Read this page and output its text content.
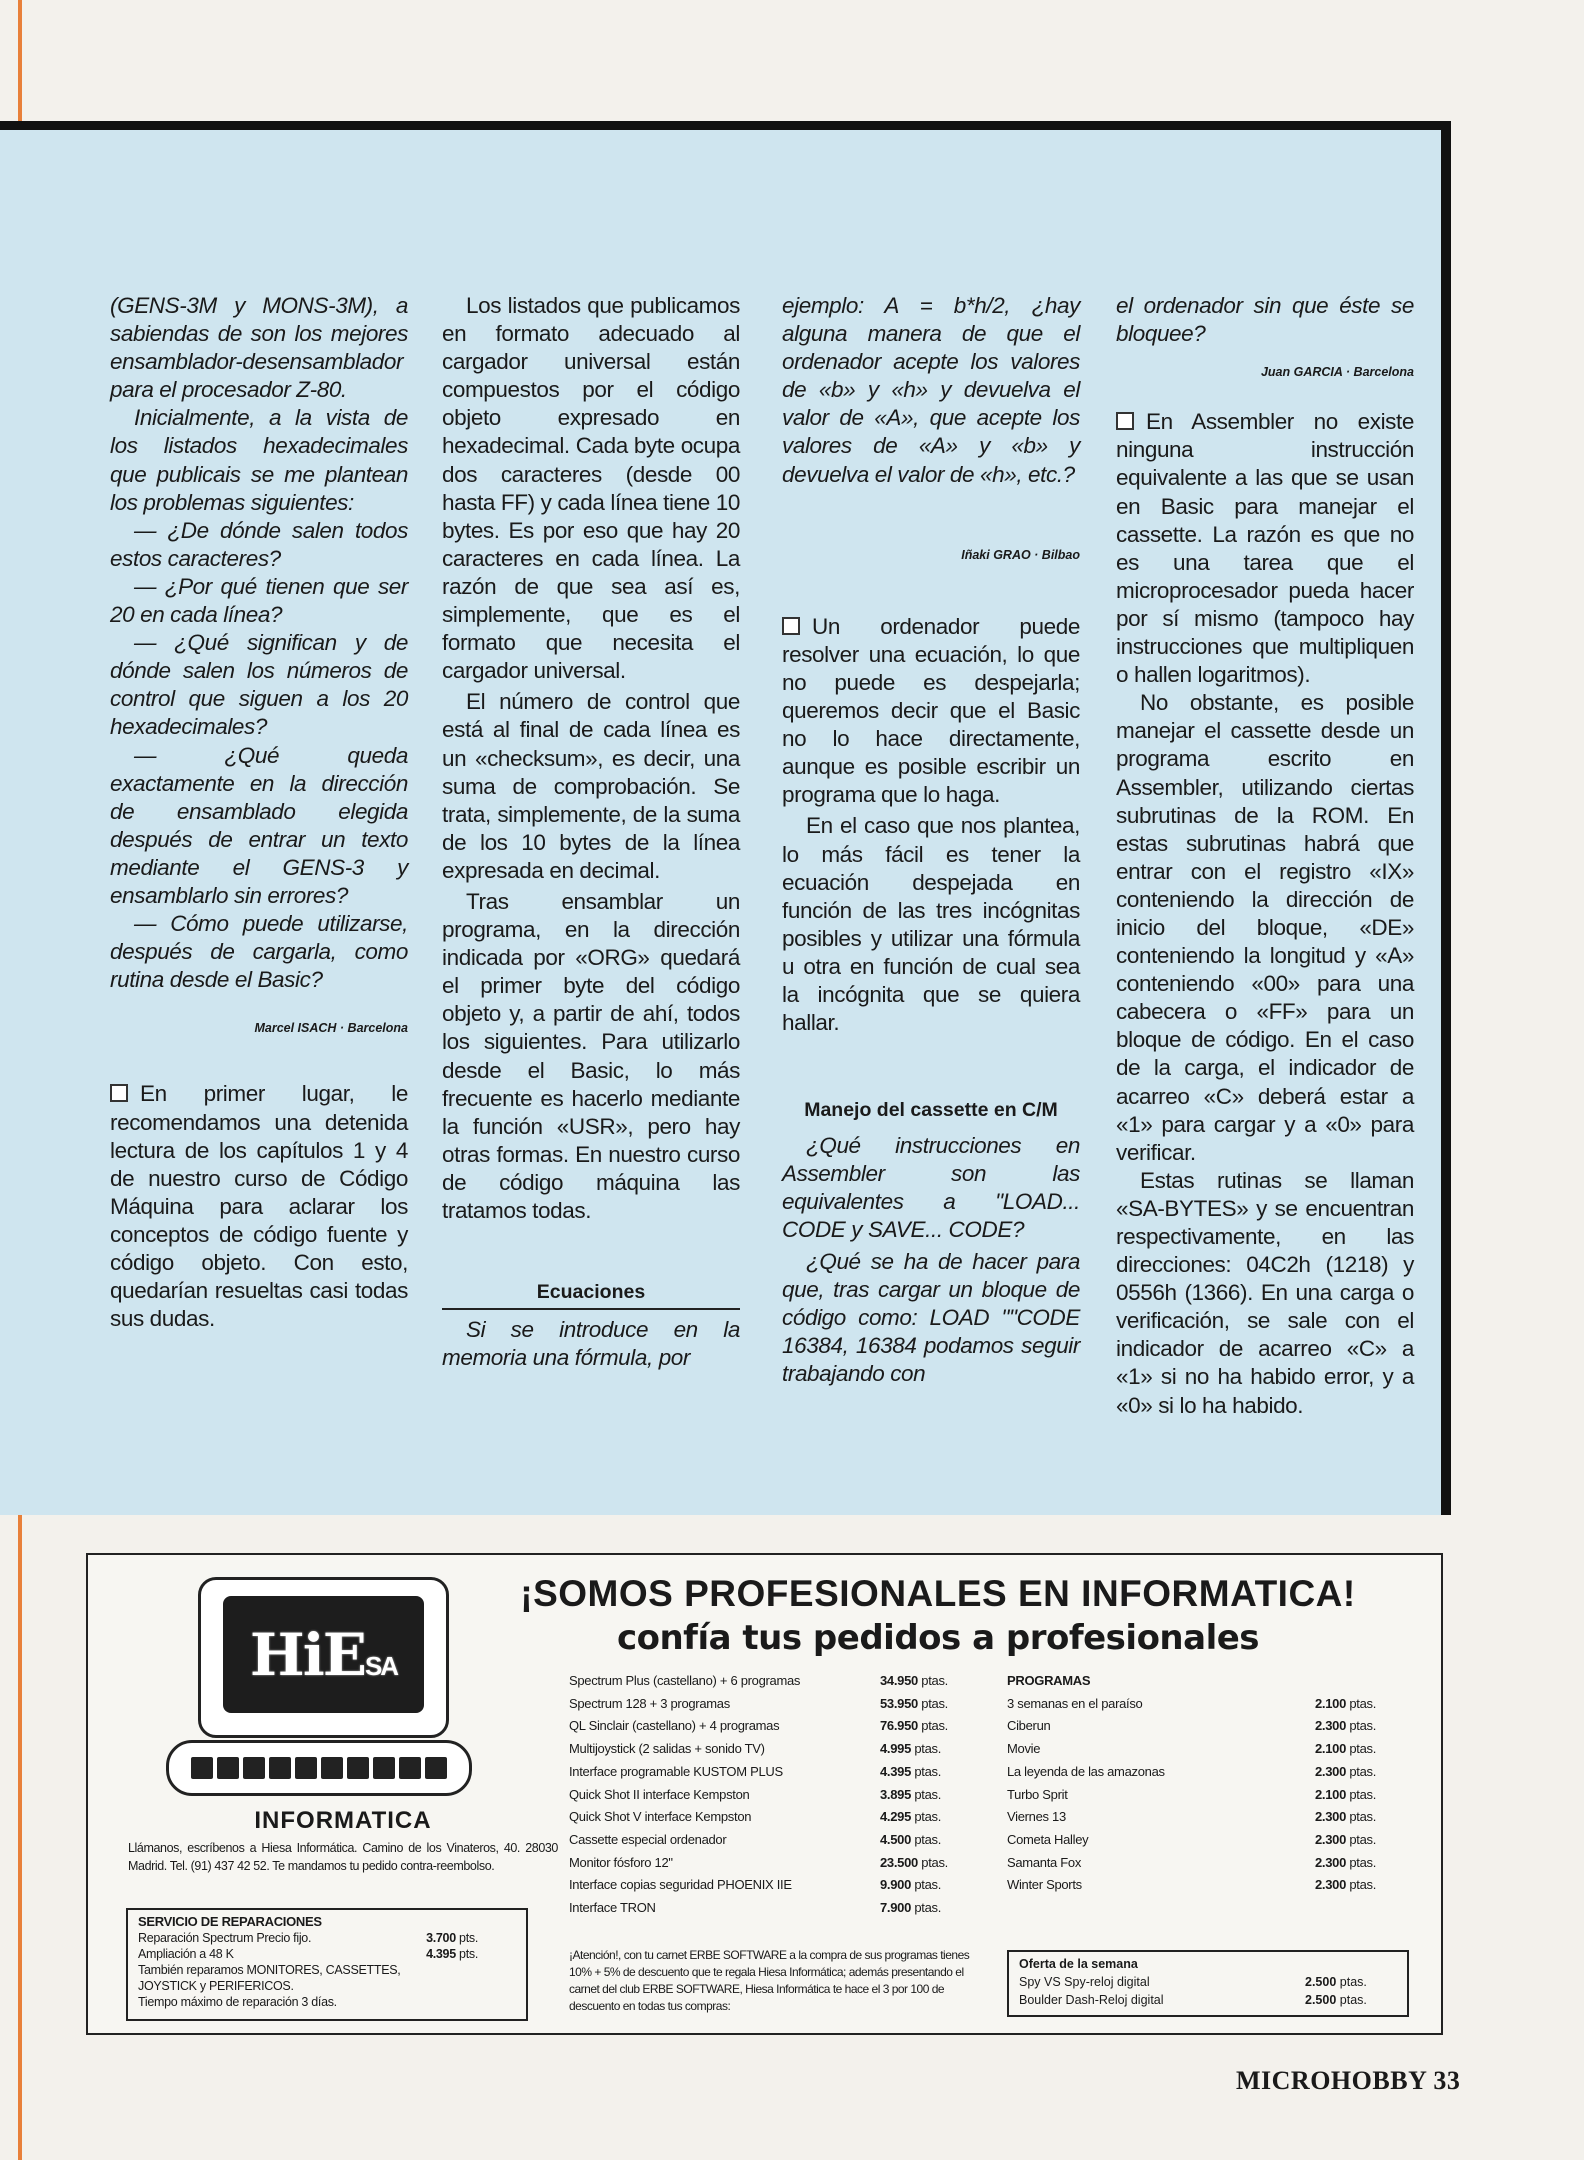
(GENS-3M y MONS-3M), a sabiendas de son los mejores ensamblador-desensamblador para el procesador Z-80.

Inicialmente, a la vista de los listados hexadecimales que publicais se me plantean los problemas siguientes:

— ¿De dónde salen todos estos caracteres?

— ¿Por qué tienen que ser 20 en cada línea?

— ¿Qué significan y de dónde salen los números de control que siguen a los 20 hexadecimales?

— ¿Qué queda exactamente en la dirección de ensamblado elegida después de entrar un texto mediante el GENS-3 y ensamblarlo sin errores?

— Cómo puede utilizarse, después de cargarla, como rutina desde el Basic?

Marcel ISACH · Barcelona

En primer lugar, le recomendamos una detenida lectura de los capítulos 1 y 4 de nuestro curso de Código Máquina para aclarar los conceptos de código fuente y código objeto. Con esto, quedarían resueltas casi todas sus dudas.

Los listados que publicamos en formato adecuado al cargador universal están compuestos por el código objeto expresado en hexadecimal. Cada byte ocupa dos caracteres (desde 00 hasta FF) y cada línea tiene 10 bytes. Es por eso que hay 20 caracteres en cada línea. La razón de que sea así es, simplemente, que es el formato que necesita el cargador universal.

El número de control que está al final de cada línea es un «checksum», es decir, una suma de comprobación. Se trata, simplemente, de la suma de los 10 bytes de la línea expresada en decimal.

Tras ensamblar un programa, en la dirección indicada por «ORG» quedará el primer byte del código objeto y, a partir de ahí, todos los siguientes. Para utilizarlo desde el Basic, lo más frecuente es hacerlo mediante la función «USR», pero hay otras formas. En nuestro curso de código máquina las tratamos todas.

Ecuaciones

Si se introduce en la memoria una fórmula, por

ejemplo: A = b*h/2, ¿hay alguna manera de que el ordenador acepte los valores de «b» y «h» y devuelva el valor de «A», que acepte los valores de «A» y «b» y devuelva el valor de «h», etc.?

Iñaki GRAO · Bilbao

Un ordenador puede resolver una ecuación, lo que no puede es despejarla; queremos decir que el Basic no lo hace directamente, aunque es posible escribir un programa que lo haga.

En el caso que nos plantea, lo más fácil es tener la ecuación despejada en función de las tres incógnitas posibles y utilizar una fórmula u otra en función de cual sea la incógnita que se quiera hallar.

Manejo del cassette en C/M

¿Qué instrucciones en Assembler son las equivalentes a "LOAD... CODE y SAVE... CODE?

¿Qué se ha de hacer para que, tras cargar un bloque de código como: LOAD ""CODE 16384, 16384 podamos seguir trabajando con

el ordenador sin que éste se bloquee?

Juan GARCIA · Barcelona

En Assembler no existe ninguna instrucción equivalente a las que se usan en Basic para manejar el cassette. La razón es que no es una tarea que el microprocesador pueda hacer por sí mismo (tampoco hay instrucciones que multipliquen o hallen logaritmos).

No obstante, es posible manejar el cassette desde un programa escrito en Assembler, utilizando ciertas subrutinas de la ROM. En estas subrutinas habrá que entrar con el registro «IX» conteniendo la dirección de inicio del bloque, «DE» conteniendo la longitud y «A» conteniendo «00» para una cabecera o «FF» para un bloque de código. En el caso de la carga, el indicador de acarreo «C» deberá estar a «1» para cargar y a «0» para verificar.

Estas rutinas se llaman «SA-BYTES» y se encuentran respectivamente, en las direcciones: 04C2h (1218) y 0556h (1366). En una carga o verificación, se sale con el indicador de acarreo «C» a «1» si no ha habido error, y a «0» si lo ha habido.

HiESA
INFORMATICA
Llámanos, escríbenos a Hiesa Informática. Camino de los Vinateros, 40. 28030 Madrid. Tel. (91) 437 42 52. Te mandamos tu pedido contra-reembolso.
SERVICIO DE REPARACIONES
Reparación Spectrum Precio fijo.	3.700 pts.
Ampliación a 48 K	4.395 pts.
También reparamos MONITORES, CASSETTES, JOYSTICK y PERIFERICOS.
Tiempo máximo de reparación 3 días.
¡SOMOS PROFESIONALES EN INFORMATICA!
confía tus pedidos a profesionales
Spectrum Plus (castellano) + 6 programas	34.950 ptas.
Spectrum 128 + 3 programas	53.950 ptas.
QL Sinclair (castellano) + 4 programas	76.950 ptas.
Multijoystick (2 salidas + sonido TV)	4.995 ptas.
Interface programable KUSTOM PLUS	4.395 ptas.
Quick Shot II interface Kempston	3.895 ptas.
Quick Shot V interface Kempston	4.295 ptas.
Cassette especial ordenador	4.500 ptas.
Monitor fósforo 12"	23.500 ptas.
Interface copias seguridad PHOENIX IIE	9.900 ptas.
Interface TRON	7.900 ptas.
PROGRAMAS
3 semanas en el paraíso	2.100 ptas.
Ciberun	2.300 ptas.
Movie	2.100 ptas.
La leyenda de las amazonas	2.300 ptas.
Turbo Sprit	2.100 ptas.
Viernes 13	2.300 ptas.
Cometa Halley	2.300 ptas.
Samanta Fox	2.300 ptas.
Winter Sports	2.300 ptas.
¡Atención!, con tu carnet ERBE SOFTWARE a la compra de sus programas tienes 10% + 5% de descuento que te regala Hiesa Informática; además presentando el carnet del club ERBE SOFTWARE, Hiesa Informática te hace el 3 por 100 de descuento en todas tus compras:
Oferta de la semana
Spy VS Spy-reloj digital	2.500 ptas.
Boulder Dash-Reloj digital	2.500 ptas.
MICROHOBBY 33
